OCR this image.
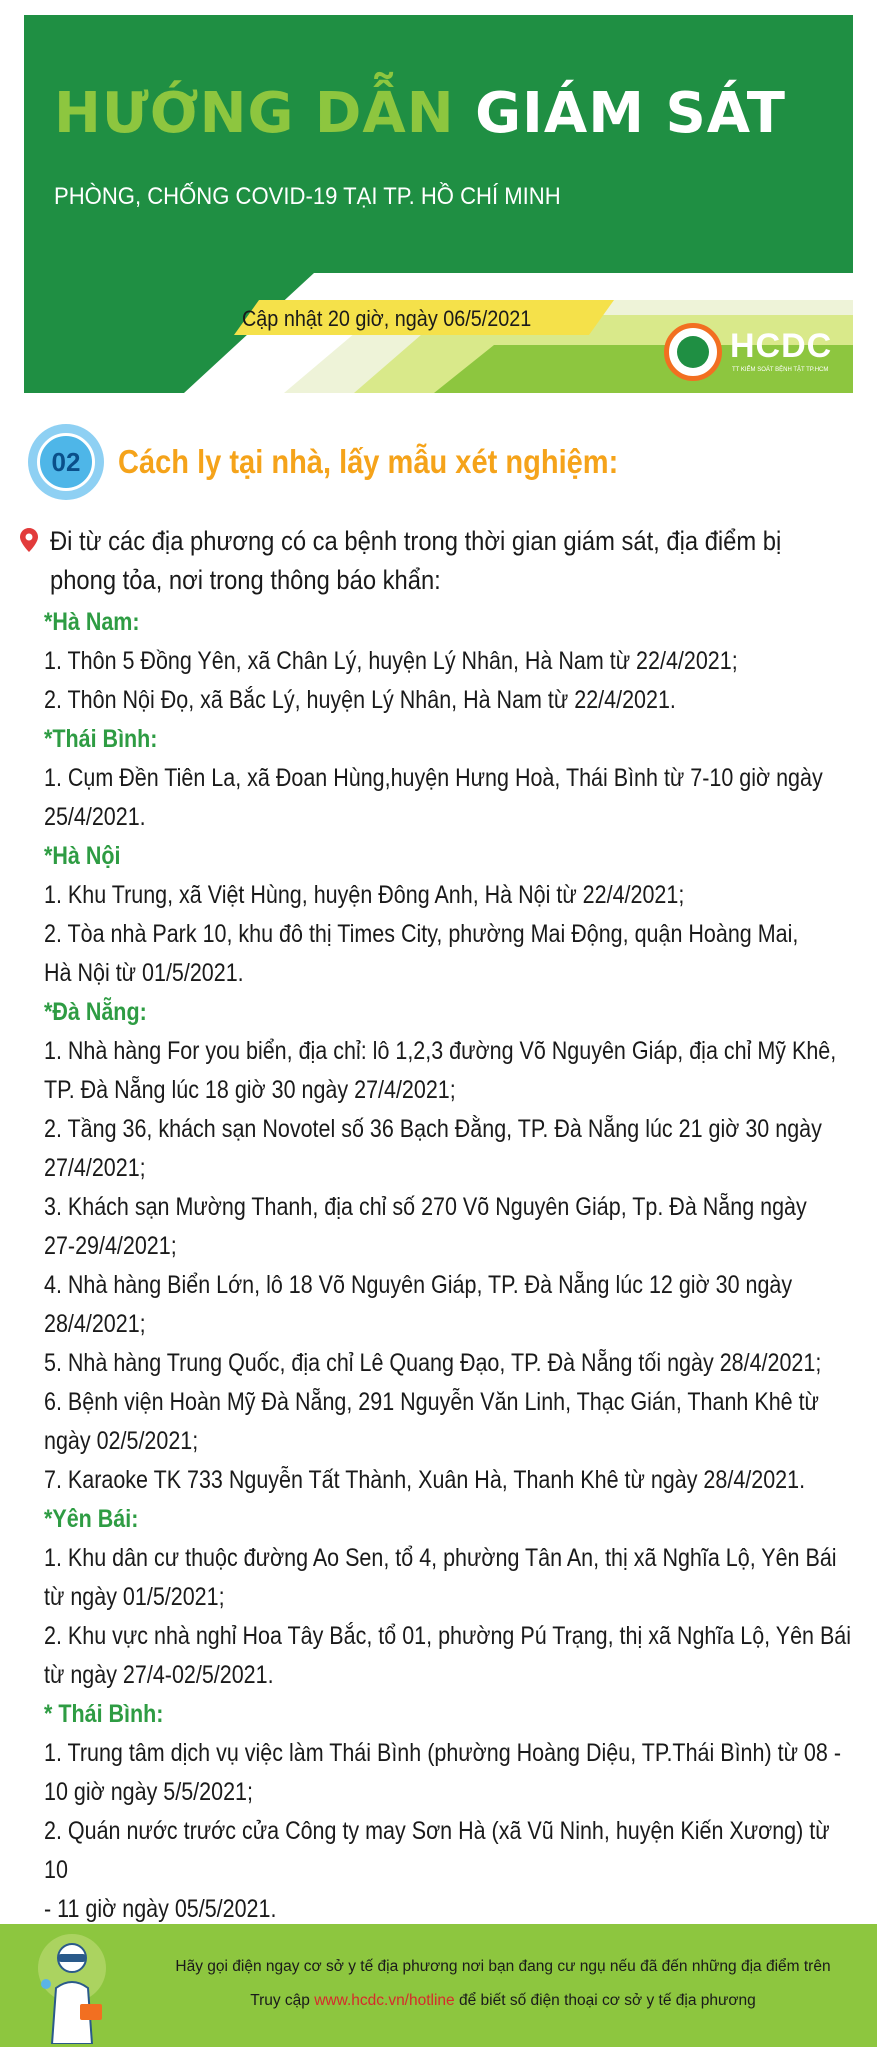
HƯỚNG DẪN GIÁM SÁT
PHÒNG, CHỐNG COVID-19 TẠI TP. HỒ CHÍ MINH
Cập nhật 20 giờ, ngày 06/5/2021
HCDC
TT KIỂM SOÁT BỆNH TẬT TP.HCM
02	Cách ly tại nhà, lấy mẫu xét nghiệm:
Đi từ các địa phương có ca bệnh trong thời gian giám sát, địa điểm bị
phong tỏa, nơi trong thông báo khẩn:
*Hà Nam:
1. Thôn 5 Đồng Yên, xã Chân Lý, huyện Lý Nhân, Hà Nam từ 22/4/2021;
2. Thôn Nội Đọ, xã Bắc Lý, huyện Lý Nhân, Hà Nam từ 22/4/2021.
*Thái Bình:
1. Cụm Đền Tiên La, xã Đoan Hùng,huyện Hưng Hoà, Thái Bình từ 7-10 giờ ngày
25/4/2021.
*Hà Nội
1. Khu Trung, xã Việt Hùng, huyện Đông Anh, Hà Nội từ 22/4/2021;
2. Tòa nhà Park 10, khu đô thị Times City, phường Mai Động, quận Hoàng Mai,
Hà Nội từ 01/5/2021.
*Đà Nẵng:
1. Nhà hàng For you biển, địa chỉ: lô 1,2,3 đường Võ Nguyên Giáp, địa chỉ Mỹ Khê,
TP. Đà Nẵng lúc 18 giờ 30 ngày 27/4/2021;
2. Tầng 36, khách sạn Novotel số 36 Bạch Đằng, TP. Đà Nẵng lúc 21 giờ 30 ngày
27/4/2021;
3. Khách sạn Mường Thanh, địa chỉ số 270 Võ Nguyên Giáp, Tp. Đà Nẵng ngày
27-29/4/2021;
4. Nhà hàng Biển Lớn, lô 18 Võ Nguyên Giáp, TP. Đà Nẵng lúc 12 giờ 30 ngày
28/4/2021;
5. Nhà hàng Trung Quốc, địa chỉ Lê Quang Đạo, TP. Đà Nẵng tối ngày 28/4/2021;
6. Bệnh viện Hoàn Mỹ Đà Nẵng, 291 Nguyễn Văn Linh, Thạc Gián, Thanh Khê từ
ngày 02/5/2021;
7. Karaoke TK 733 Nguyễn Tất Thành, Xuân Hà, Thanh Khê từ ngày 28/4/2021.
*Yên Bái:
1. Khu dân cư thuộc đường Ao Sen, tổ 4, phường Tân An, thị xã Nghĩa Lộ, Yên Bái
từ ngày 01/5/2021;
2. Khu vực nhà nghỉ Hoa Tây Bắc, tổ 01, phường Pú Trạng, thị xã Nghĩa Lộ, Yên Bái
từ ngày 27/4-02/5/2021.
* Thái Bình:
1. Trung tâm dịch vụ việc làm Thái Bình (phường Hoàng Diệu, TP.Thái Bình) từ 08 -
10 giờ ngày 5/5/2021;
2. Quán nước trước cửa Công ty may Sơn Hà (xã Vũ Ninh, huyện Kiến Xương) từ 10
- 11 giờ ngày 05/5/2021.
Hãy gọi điện ngay cơ sở y tế địa phương nơi bạn đang cư ngụ nếu đã đến những địa điểm trên
Truy cập www.hcdc.vn/hotline để biết số điện thoại cơ sở y tế địa phương
